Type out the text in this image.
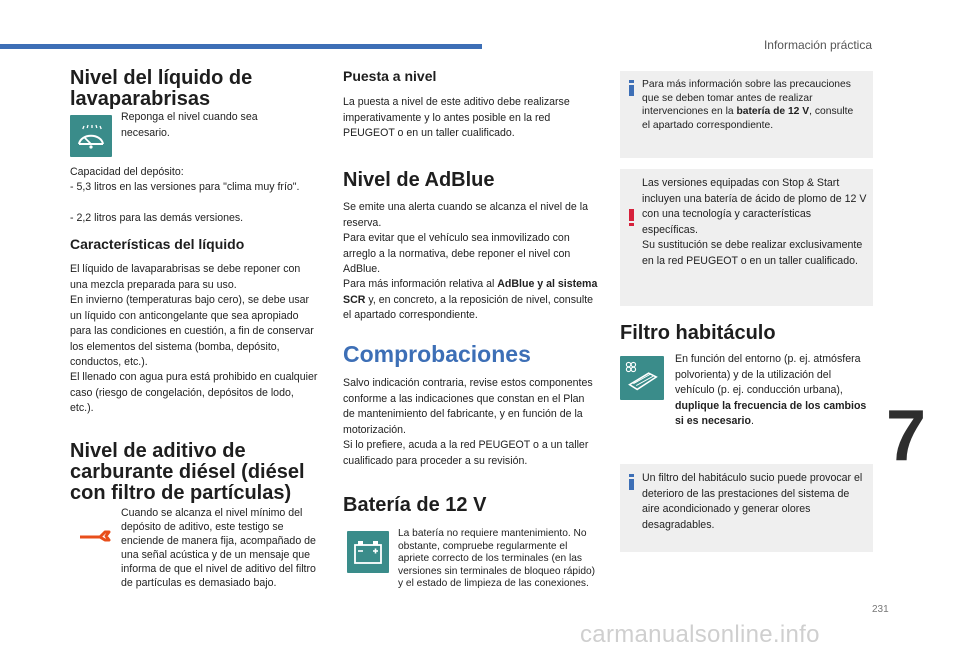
Información práctica
7
231
carmanualsonline.info
Nivel del líquido de lavaparabrisas

Reponga el nivel cuando sea necesario.

Capacidad del depósito:

- 5,3 litros en las versiones para "clima muy frío".

- 2,2 litros para las demás versiones.

Características del líquido

El líquido de lavaparabrisas se debe reponer con una mezcla preparada para su uso.

En invierno (temperaturas bajo cero), se debe usar un líquido con anticongelante que sea apropiado para las condiciones en cuestión, a fin de conservar los elementos del sistema (bomba, depósito, conductos, etc.).

El llenado con agua pura está prohibido en cualquier caso (riesgo de congelación, depósitos de lodo, etc.).

Nivel de aditivo de carburante diésel (diésel con filtro de partículas)

Cuando se alcanza el nivel mínimo del depósito de aditivo, este testigo se enciende de manera fija, acompañado de una señal acústica y de un mensaje que informa de que el nivel de aditivo del filtro de partículas es demasiado bajo.

Puesta a nivel

La puesta a nivel de este aditivo debe realizarse imperativamente y lo antes posible en la red PEUGEOT o en un taller cualificado.

Nivel de AdBlue

Se emite una alerta cuando se alcanza el nivel de la reserva.

Para evitar que el vehículo sea inmovilizado con arreglo a la normativa, debe reponer el nivel con AdBlue.

Para más información relativa al AdBlue y al sistema SCR y, en concreto, a la reposición de nivel, consulte el apartado correspondiente.

Comprobaciones

Salvo indicación contraria, revise estos componentes conforme a las indicaciones que constan en el Plan de mantenimiento del fabricante, y en función de la motorización.

Si lo prefiere, acuda a la red PEUGEOT o a un taller cualificado para proceder a su revisión.

Batería de 12 V

La batería no requiere mantenimiento. No obstante, compruebe regularmente el apriete correcto de los terminales (en las versiones sin terminales de bloqueo rápido) y el estado de limpieza de las conexiones.

Para más información sobre las precauciones que se deben tomar antes de realizar intervenciones en la batería de 12 V, consulte el apartado correspondiente.

Las versiones equipadas con Stop & Start incluyen una batería de ácido de plomo de 12 V con una tecnología y características específicas.

Su sustitución se debe realizar exclusivamente en la red PEUGEOT o en un taller cualificado.

Filtro habitáculo

En función del entorno (p. ej. atmósfera polvorienta) y de la utilización del vehículo (p. ej. conducción urbana), duplique la frecuencia de los cambios si es necesario.

Un filtro del habitáculo sucio puede provocar el deterioro de las prestaciones del sistema de aire acondicionado y generar olores desagradables.
